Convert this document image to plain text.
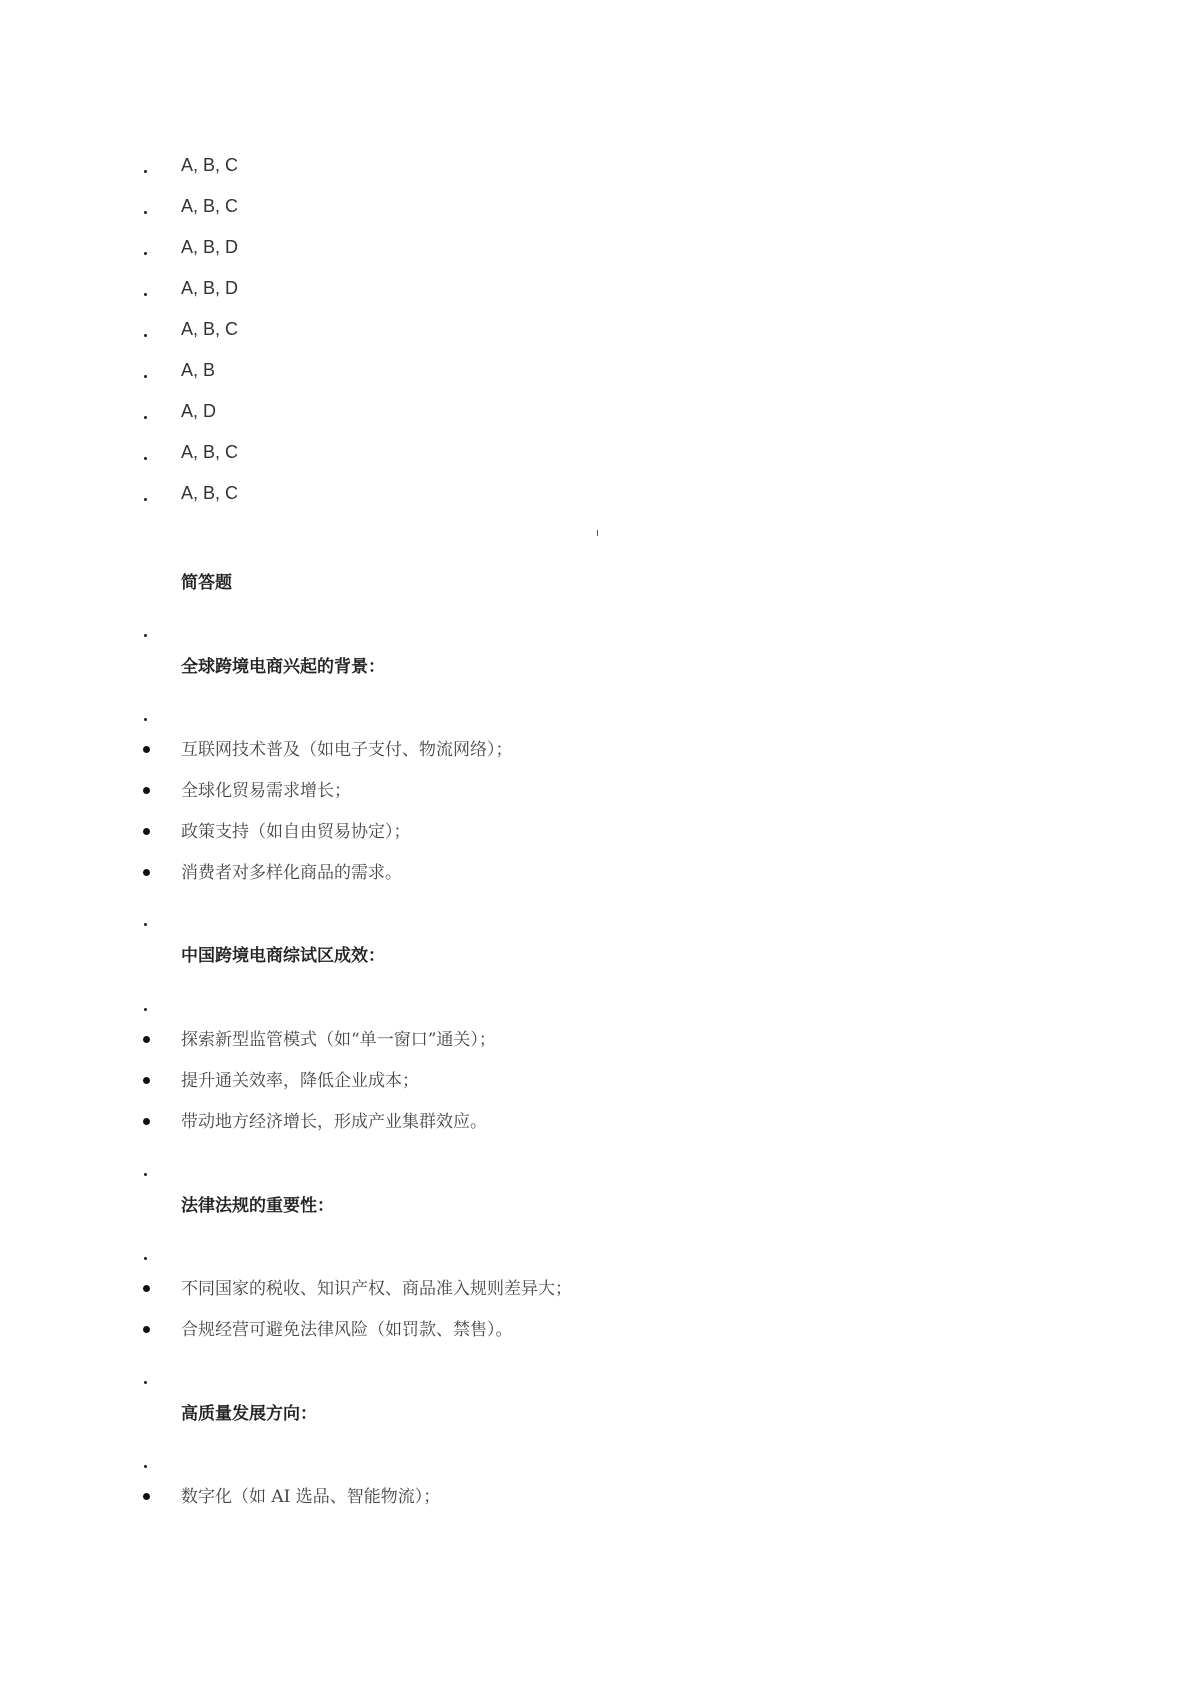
A, B, C
A, B, C
A, B, D
A, B, D
A, B, C
A, B
A, D
A, B, C
A, B, C
简答题
全球跨境电商兴起的背景：
互联网技术普及（如电子支付、物流网络）；
全球化贸易需求增长；
政策支持（如自由贸易协定）；
消费者对多样化商品的需求。
中国跨境电商综试区成效：
探索新型监管模式（如“单一窗口”通关）；
提升通关效率，降低企业成本；
带动地方经济增长，形成产业集群效应。
法律法规的重要性：
不同国家的税收、知识产权、商品准入规则差异大；
合规经营可避免法律风险（如罚款、禁售）。
高质量发展方向：
数字化（如 AI 选品、智能物流）；
